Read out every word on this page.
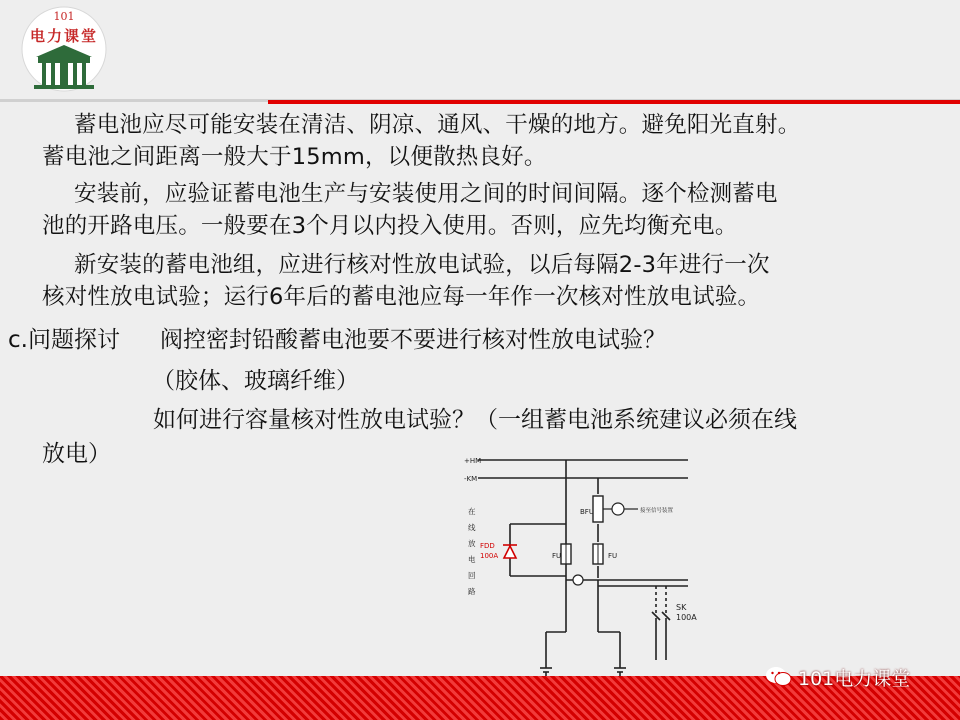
101
电力课堂
蓄电池应尽可能安装在清洁、阴凉、通风、干燥的地方。避免阳光直射。
蓄电池之间距离一般大于15mm，以便散热良好。
安装前，应验证蓄电池生产与安装使用之间的时间间隔。逐个检测蓄电
池的开路电压。一般要在3个月以内投入使用。否则，应先均衡充电。
新安装的蓄电池组，应进行核对性放电试验，以后每隔2-3年进行一次
核对性放电试验；运行6年后的蓄电池应每一年作一次核对性放电试验。
c.问题探讨 阀控密封铅酸蓄电池要不要进行核对性放电试验？
（胶体、玻璃纤维）
如何进行容量核对性放电试验？（一组蓄电池系统建议必须在线
放电）	+HM
-KM
FU	FU
BFU	接至信号装置
SK
100A
FDD
100A
在
线
放
电
回
路
101电力课堂
